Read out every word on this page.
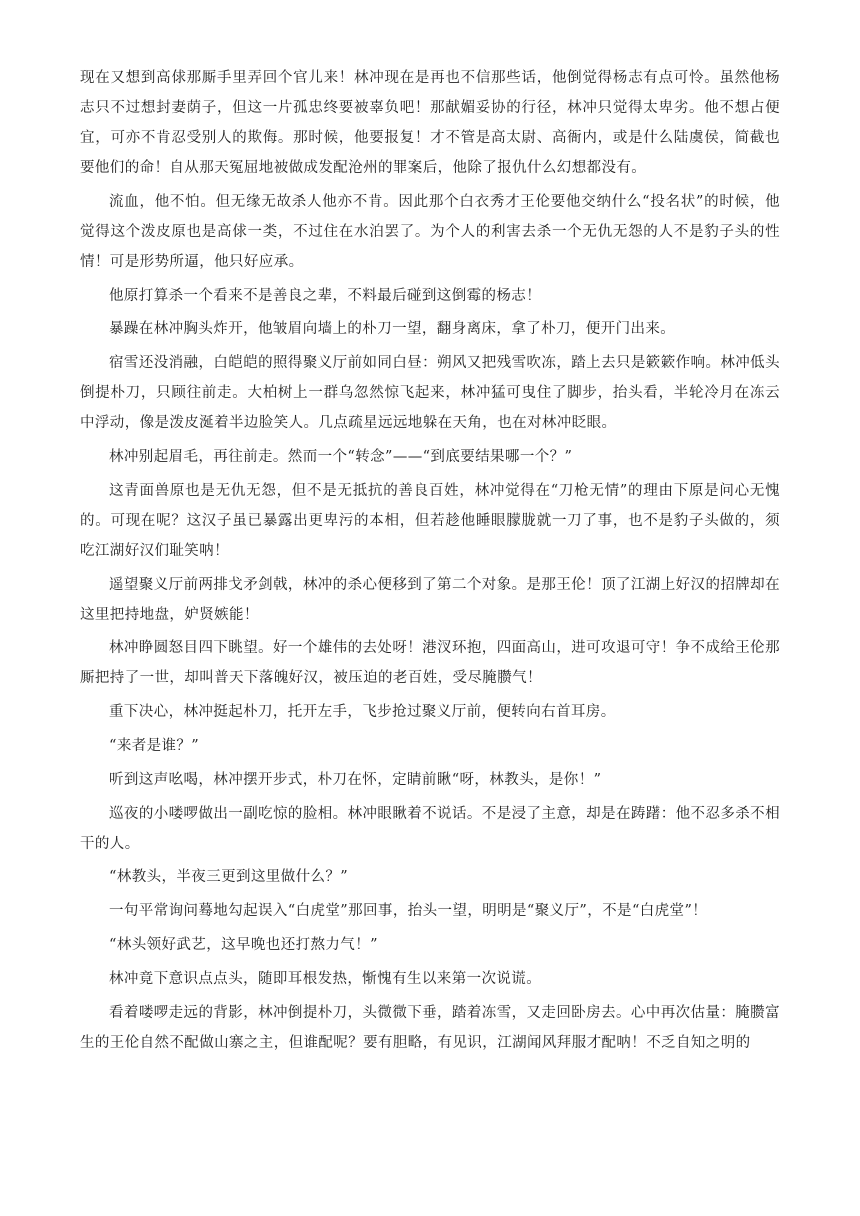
现在又想到高俅那厮手里弄回个官儿来！林冲现在是再也不信那些话，他倒觉得杨志有点可怜。虽然他杨志只不过想封妻荫子，但这一片孤忠终要被辜负吧！那献媚妥协的行径，林冲只觉得太卑劣。他不想占便宜，可亦不肯忍受别人的欺侮。那时候，他要报复！才不管是高太尉、高衙内，或是什么陆虞侯，简截也要他们的命！自从那天冤屈地被做成发配沧州的罪案后，他除了报仇什么幻想都没有。

流血，他不怕。但无缘无故杀人他亦不肯。因此那个白衣秀才王伦要他交纳什么“投名状”的时候，他觉得这个泼皮原也是高俅一类，不过住在水泊罢了。为个人的利害去杀一个无仇无怨的人不是豹子头的性情！可是形势所逼，他只好应承。

他原打算杀一个看来不是善良之辈，不料最后碰到这倒霉的杨志！

暴躁在林冲胸头炸开，他皱眉向墙上的朴刀一望，翻身离床，拿了朴刀，便开门出来。

宿雪还没消融，白皑皑的照得聚义厅前如同白昼：朔风又把残雪吹冻，踏上去只是簌簌作响。林冲低头倒提朴刀，只顾往前走。大柏树上一群乌忽然惊飞起来，林冲猛可曳住了脚步，抬头看，半轮冷月在冻云中浮动，像是泼皮涎着半边脸笑人。几点疏星远远地躲在天角，也在对林冲眨眼。

林冲别起眉毛，再往前走。然而一个“转念”——“到底要结果哪一个？”

这青面兽原也是无仇无怨，但不是无抵抗的善良百姓，林冲觉得在“刀枪无情”的理由下原是问心无愧的。可现在呢？这汉子虽已暴露出更卑污的本相，但若趁他睡眼朦胧就一刀了事，也不是豹子头做的，须吃江湖好汉们耻笑呐！

遥望聚义厅前两排戈矛剑戟，林冲的杀心便移到了第二个对象。是那王伦！顶了江湖上好汉的招牌却在这里把持地盘，妒贤嫉能！

林冲睁圆怒目四下眺望。好一个雄伟的去处呀！港汊环抱，四面高山，进可攻退可守！争不成给王伦那厮把持了一世，却叫普天下落魄好汉，被压迫的老百姓，受尽腌臜气！

重下决心，林冲挺起朴刀，托开左手，飞步抢过聚义厅前，便转向右首耳房。

“来者是谁？”

听到这声吆喝，林冲摆开步式，朴刀在怀，定睛前瞅“呀，林教头，是你！”

巡夜的小喽啰做出一副吃惊的脸相。林冲眼瞅着不说话。不是浸了主意，却是在踌躇：他不忍多杀不相干的人。

“林教头，半夜三更到这里做什么？”

一句平常询问蓦地勾起误入“白虎堂”那回事，抬头一望，明明是“聚义厅”，不是“白虎堂”！

“林头领好武艺，这早晚也还打熬力气！”

林冲竟下意识点点头，随即耳根发热，惭愧有生以来第一次说谎。

看着喽啰走远的背影，林冲倒提朴刀，头微微下垂，踏着冻雪，又走回卧房去。心中再次估量：腌臜富生的王伦自然不配做山寨之主，但谁配呢？要有胆略，有见识，江湖闻风拜服才配呐！不乏自知之明的
